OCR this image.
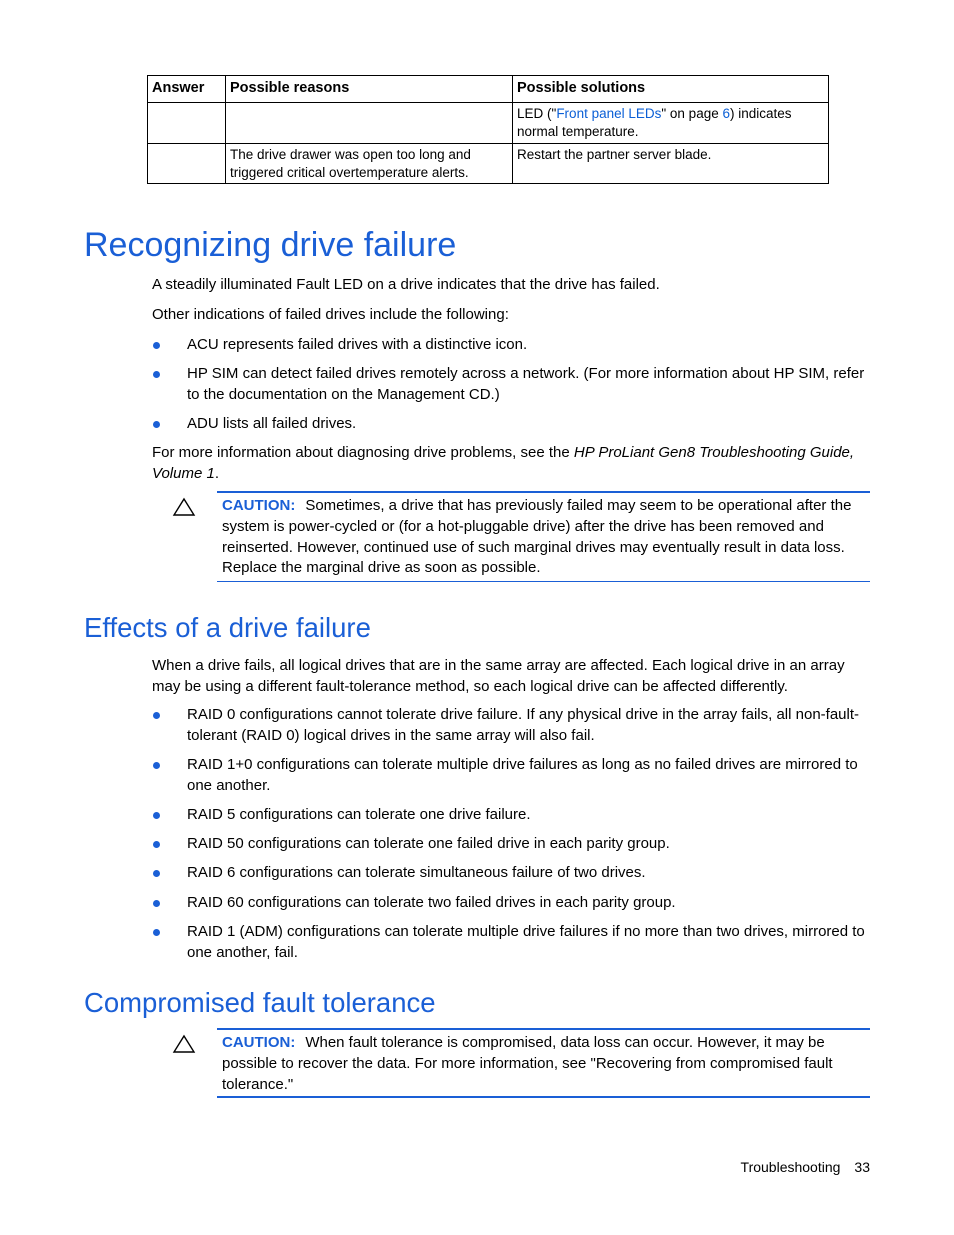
Answer	Possible reasons	Possible solutions
		LED ("Front panel LEDs" on page 6) indicates normal temperature.
	The drive drawer was open too long and triggered critical overtemperature alerts.	Restart the partner server blade.
Recognizing drive failure

A steadily illuminated Fault LED on a drive indicates that the drive has failed.

Other indications of failed drives include the following:

ACU represents failed drives with a distinctive icon.
HP SIM can detect failed drives remotely across a network. (For more information about HP SIM, refer to the documentation on the Management CD.)
ADU lists all failed drives.

For more information about diagnosing drive problems, see the HP ProLiant Gen8 Troubleshooting Guide, Volume 1.

CAUTION: Sometimes, a drive that has previously failed may seem to be operational after the system is power-cycled or (for a hot-pluggable drive) after the drive has been removed and reinserted. However, continued use of such marginal drives may eventually result in data loss. Replace the marginal drive as soon as possible.
Effects of a drive failure

When a drive fails, all logical drives that are in the same array are affected. Each logical drive in an array may be using a different fault-tolerance method, so each logical drive can be affected differently.

RAID 0 configurations cannot tolerate drive failure. If any physical drive in the array fails, all non-fault-tolerant (RAID 0) logical drives in the same array will also fail.
RAID 1+0 configurations can tolerate multiple drive failures as long as no failed drives are mirrored to one another.
RAID 5 configurations can tolerate one drive failure.
RAID 50 configurations can tolerate one failed drive in each parity group.
RAID 6 configurations can tolerate simultaneous failure of two drives.
RAID 60 configurations can tolerate two failed drives in each parity group.
RAID 1 (ADM) configurations can tolerate multiple drive failures if no more than two drives, mirrored to one another, fail.
Compromised fault tolerance
CAUTION: When fault tolerance is compromised, data loss can occur. However, it may be possible to recover the data. For more information, see "Recovering from compromised fault tolerance."
Troubleshooting 33
